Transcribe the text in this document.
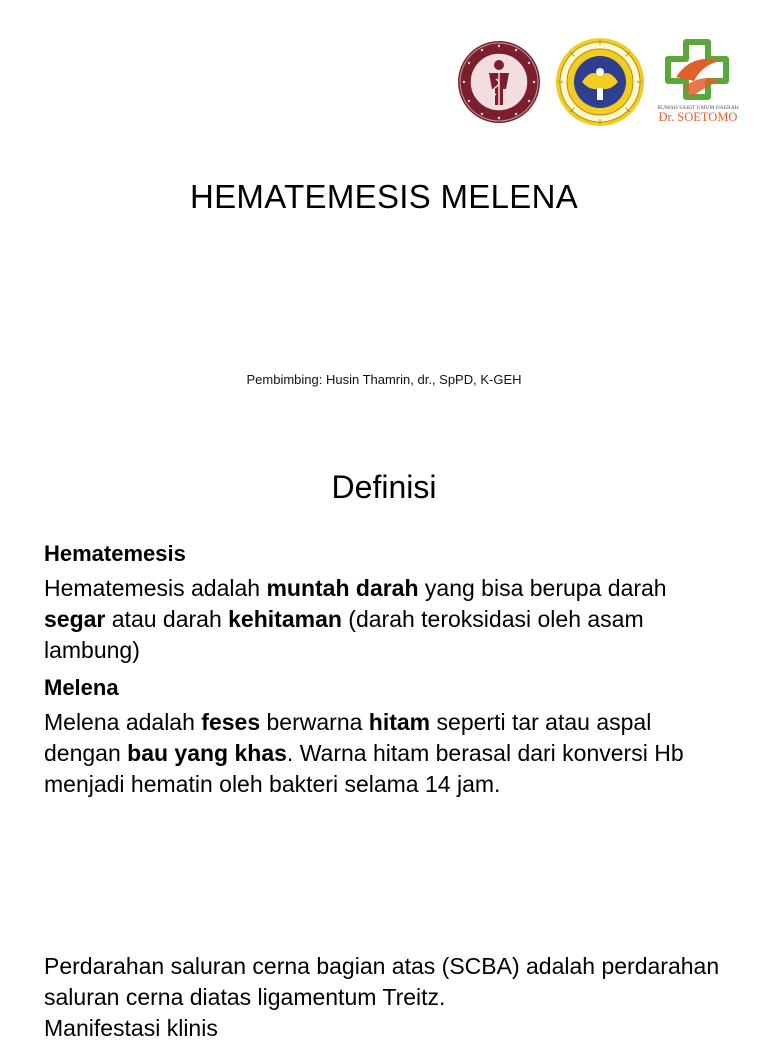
RUMAH SAKIT UMUM DAERAH
Dr. SOETOMO
HEMATEMESIS MELENA
Pembimbing: Husin Thamrin, dr., SpPD, K-GEH
Definisi

Hematemesis

Hematemesis adalah muntah darah yang bisa berupa darah segar atau darah kehitaman (darah teroksidasi oleh asam lambung)

Melena

Melena adalah feses berwarna hitam seperti tar atau aspal dengan bau yang khas. Warna hitam berasal dari konversi Hb menjadi hematin oleh bakteri selama 14 jam.

Perdarahan saluran cerna bagian atas (SCBA) adalah perdarahan saluran cerna diatas ligamentum Treitz.

Manifestasi klinis
